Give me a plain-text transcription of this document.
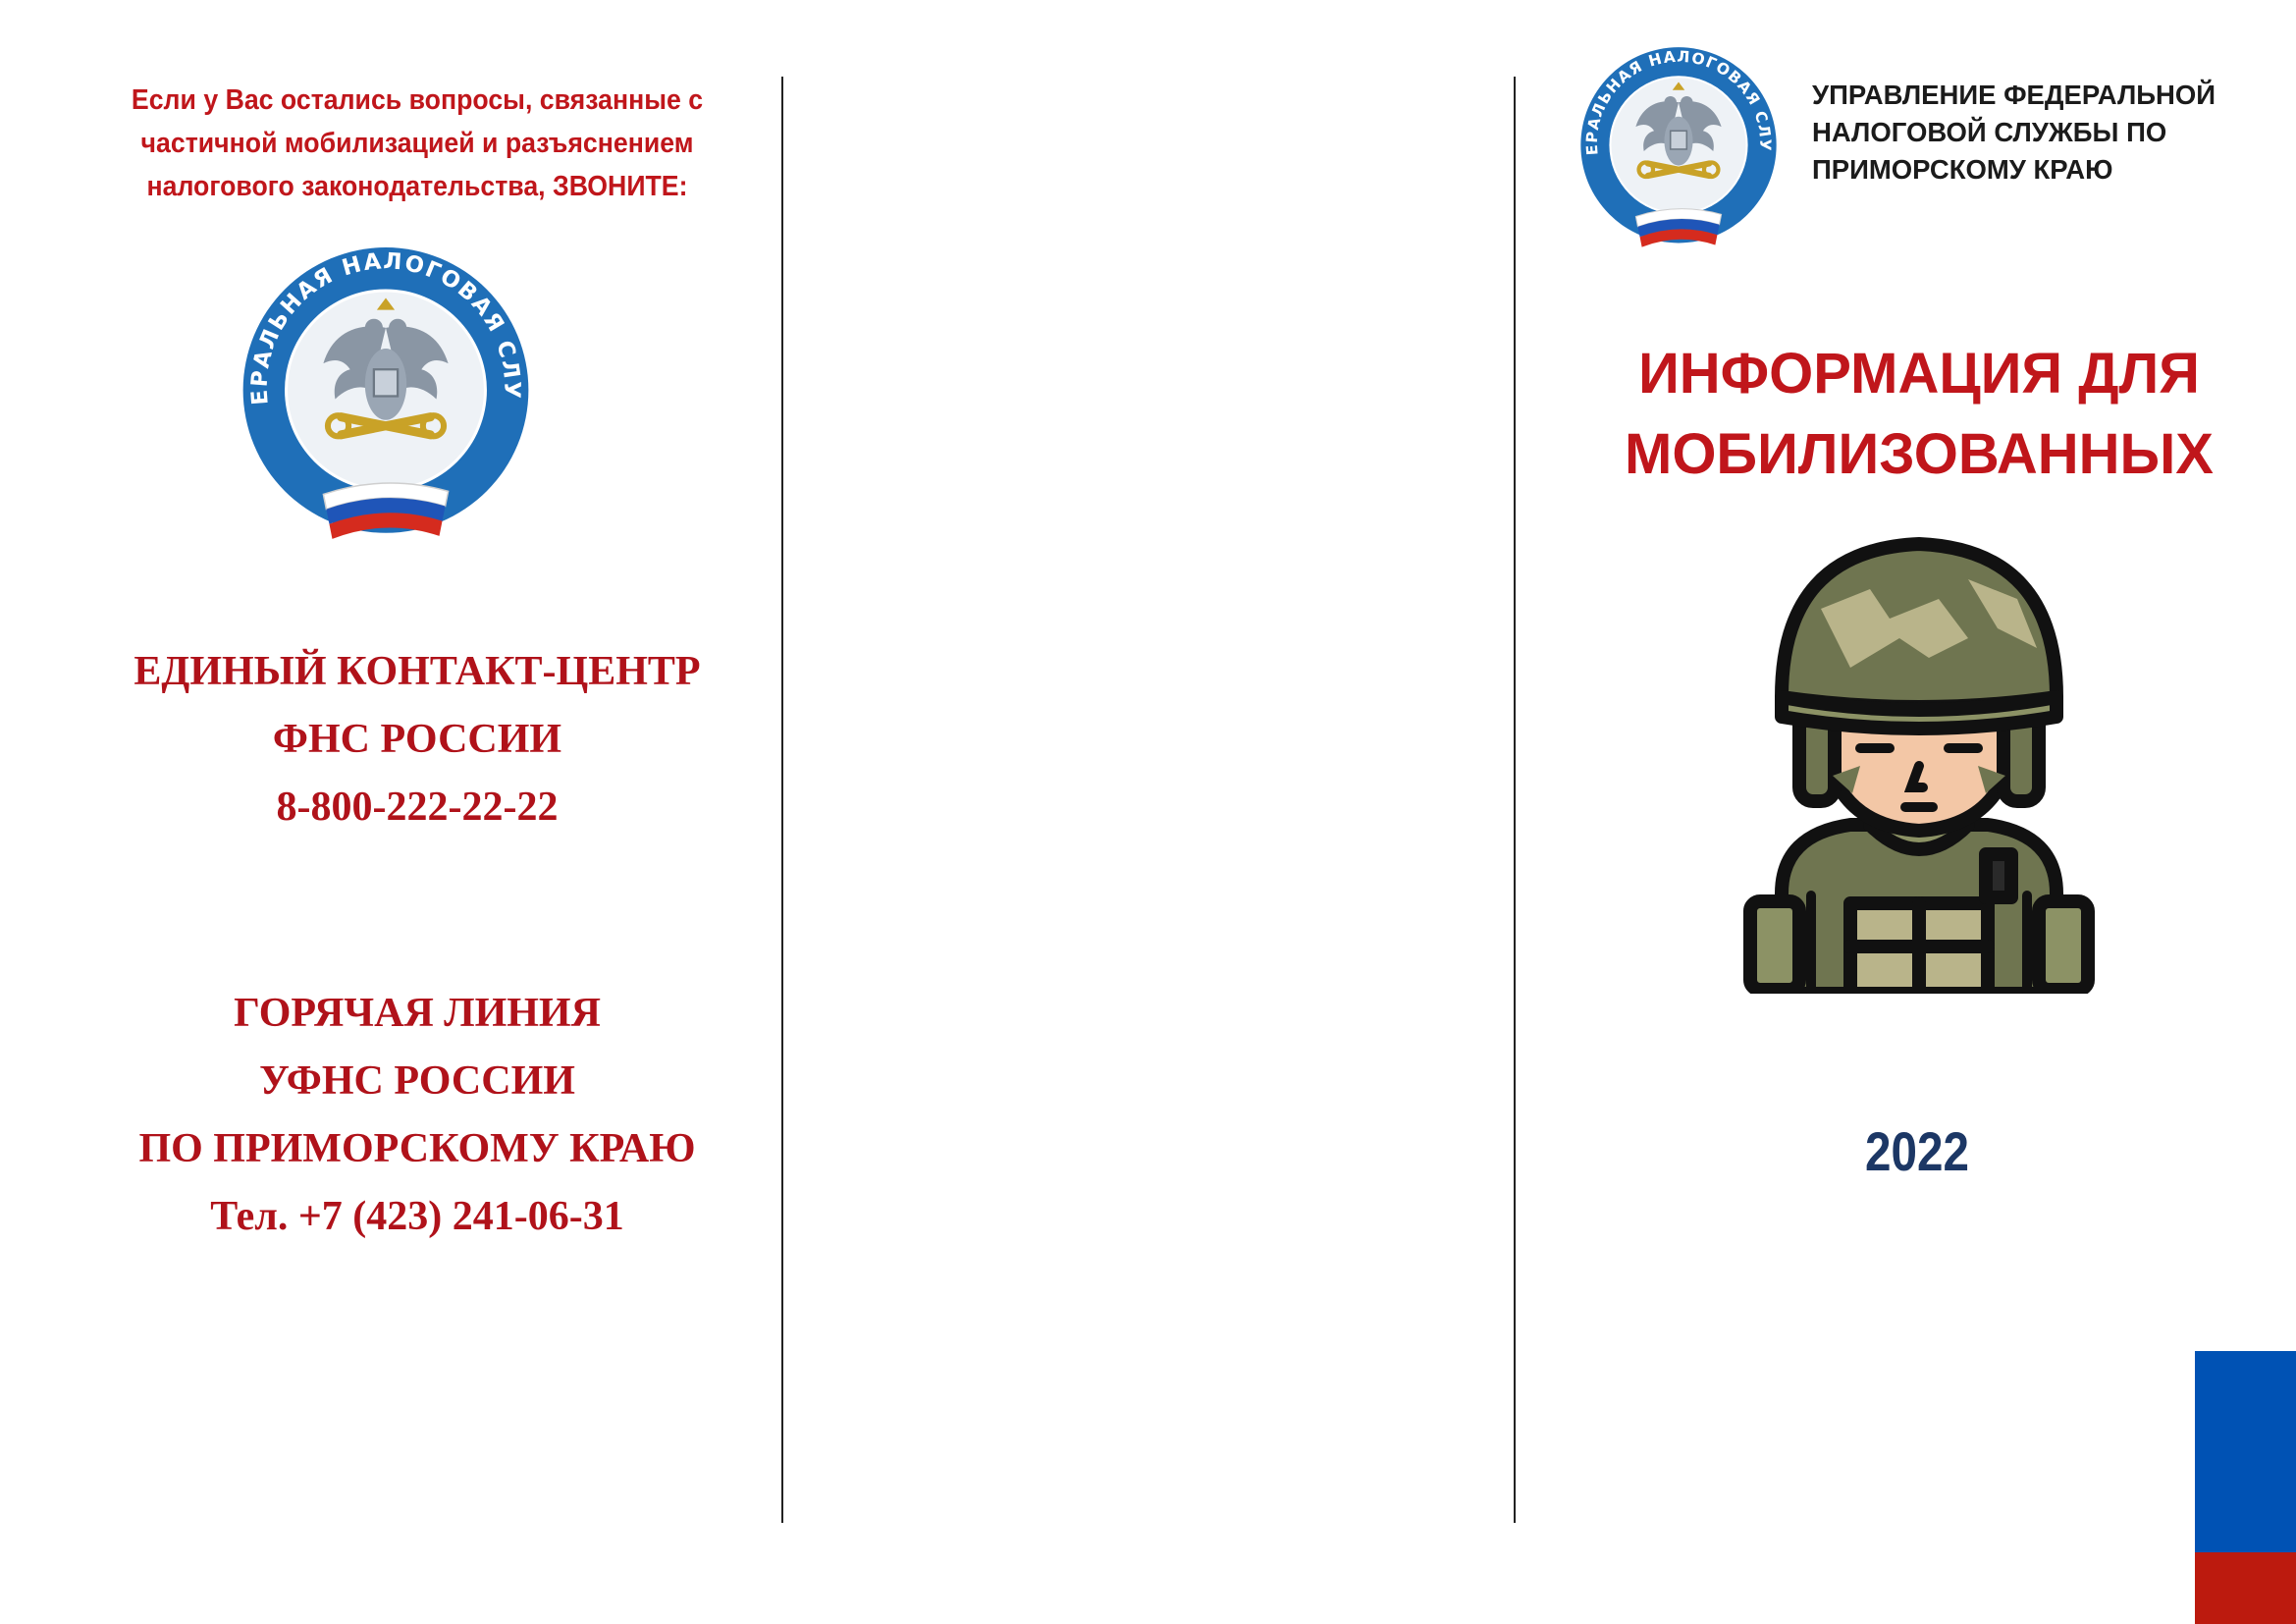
Если у Вас остались вопросы, связанные с
частичной мобилизацией и разъяснением
налогового законодательства, ЗВОНИТЕ:
ЕДИНЫЙ КОНТАКТ-ЦЕНТР
ФНС РОССИИ
8-800-222-22-22
ГОРЯЧАЯ ЛИНИЯ
УФНС РОССИИ
ПО ПРИМОРСКОМУ КРАЮ
Тел. +7 (423) 241-06-31
УПРАВЛЕНИЕ ФЕДЕРАЛЬНОЙ
НАЛОГОВОЙ СЛУЖБЫ ПО
ПРИМОРСКОМУ КРАЮ
ИНФОРМАЦИЯ ДЛЯ
МОБИЛИЗОВАННЫХ
2022
